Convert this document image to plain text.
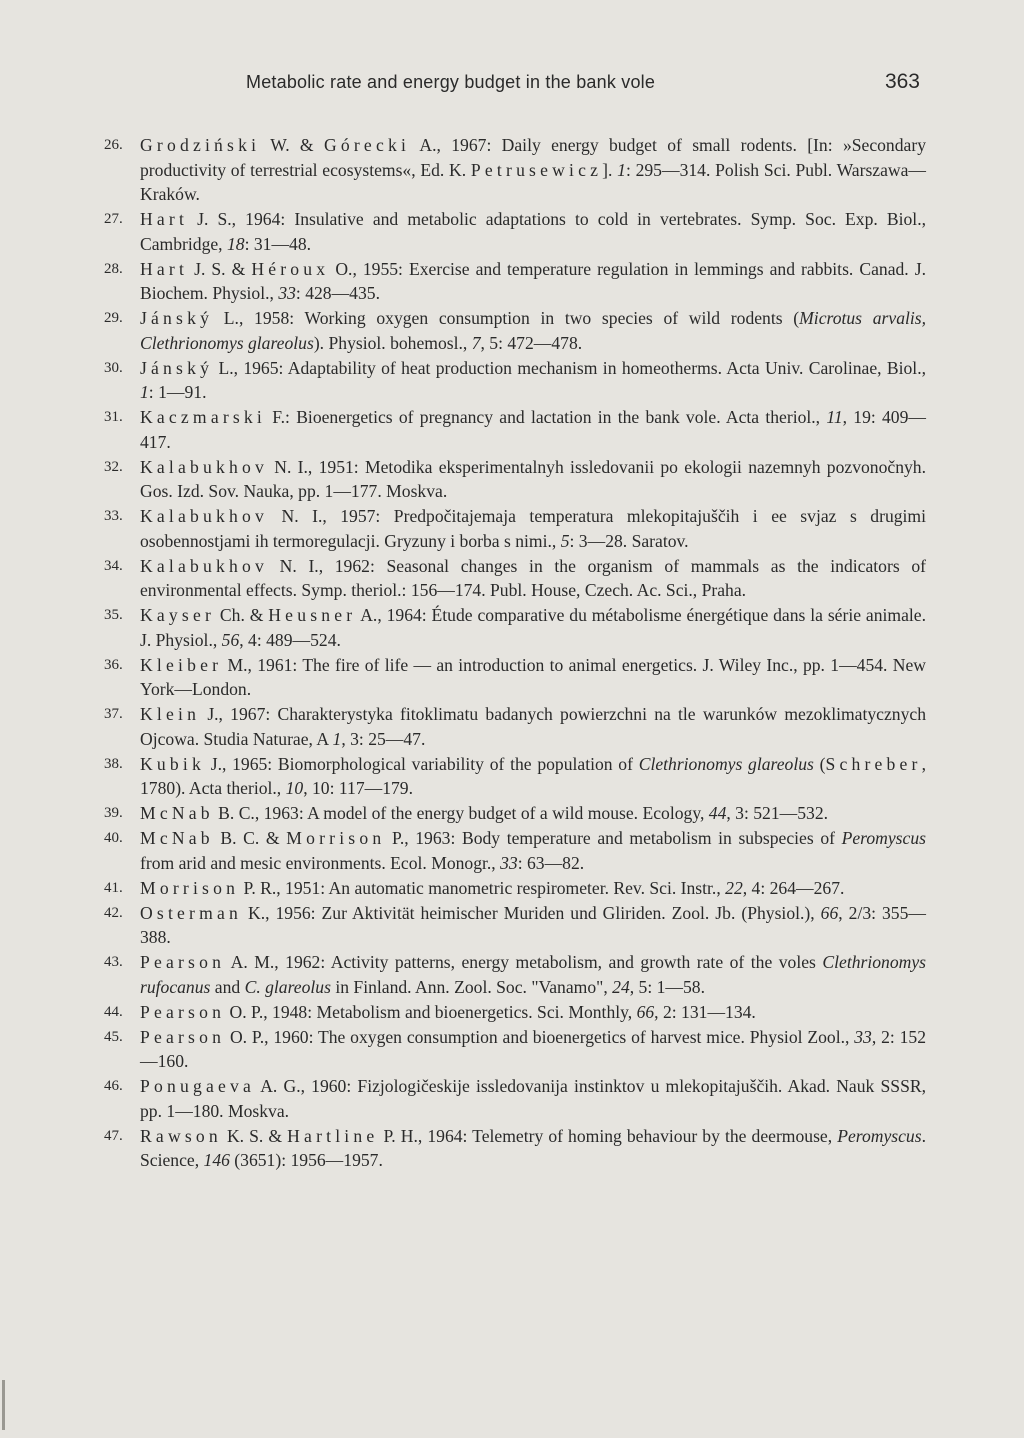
Metabolic rate and energy budget in the bank vole	363
26. Grodziński W. & Górecki A., 1967: Daily energy budget of small rodents. [In: »Secondary productivity of terrestrial ecosystems«, Ed. K. Petrusewicz]. 1: 295—314. Polish Sci. Publ. Warszawa—Kraków.
27. Hart J. S., 1964: Insulative and metabolic adaptations to cold in vertebrates. Symp. Soc. Exp. Biol., Cambridge, 18: 31—48.
28. Hart J. S. & Héroux O., 1955: Exercise and temperature regulation in lemmings and rabbits. Canad. J. Biochem. Physiol., 33: 428—435.
29. Jánský L., 1958: Working oxygen consumption in two species of wild rodents (Microtus arvalis, Clethrionomys glareolus). Physiol. bohemosl., 7, 5: 472—478.
30. Jánský L., 1965: Adaptability of heat production mechanism in homeotherms. Acta Univ. Carolinae, Biol., 1: 1—91.
31. Kaczmarski F.: Bioenergetics of pregnancy and lactation in the bank vole. Acta theriol., 11, 19: 409—417.
32. Kalabukhov N. I., 1951: Metodika eksperimentalnyh issledovanii po ekologii nazemnyh pozvonočnyh. Gos. Izd. Sov. Nauka, pp. 1—177. Moskva.
33. Kalabukhov N. I., 1957: Predpočitajemaja temperatura mlekopitajuščih i ee svjaz s drugimi osobennostjami ih termoregulacji. Gryzuny i borba s nimi., 5: 3—28. Saratov.
34. Kalabukhov N. I., 1962: Seasonal changes in the organism of mammals as the indicators of environmental effects. Symp. theriol.: 156—174. Publ. House, Czech. Ac. Sci., Praha.
35. Kayser Ch. & Heusner A., 1964: Étude comparative du métabolisme énergétique dans la série animale. J. Physiol., 56, 4: 489—524.
36. Kleiber M., 1961: The fire of life — an introduction to animal energetics. J. Wiley Inc., pp. 1—454. New York—London.
37. Klein J., 1967: Charakterystyka fitoklimatu badanych powierzchni na tle warunków mezoklimatycznych Ojcowa. Studia Naturae, A 1, 3: 25—47.
38. Kubik J., 1965: Biomorphological variability of the population of Clethrionomys glareolus (Schreber, 1780). Acta theriol., 10, 10: 117—179.
39. McNab B. C., 1963: A model of the energy budget of a wild mouse. Ecology, 44, 3: 521—532.
40. McNab B. C. & Morrison P., 1963: Body temperature and metabolism in subspecies of Peromyscus from arid and mesic environments. Ecol. Monogr., 33: 63—82.
41. Morrison P. R., 1951: An automatic manometric respirometer. Rev. Sci. Instr., 22, 4: 264—267.
42. Osterman K., 1956: Zur Aktivität heimischer Muriden und Gliriden. Zool. Jb. (Physiol.), 66, 2/3: 355—388.
43. Pearson A. M., 1962: Activity patterns, energy metabolism, and growth rate of the voles Clethrionomys rufocanus and C. glareolus in Finland. Ann. Zool. Soc. "Vanamo", 24, 5: 1—58.
44. Pearson O. P., 1948: Metabolism and bioenergetics. Sci. Monthly, 66, 2: 131—134.
45. Pearson O. P., 1960: The oxygen consumption and bioenergetics of harvest mice. Physiol Zool., 33, 2: 152—160.
46. Ponugaeva A. G., 1960: Fizjologičeskije issledovanija instinktov u mlekopitajuščih. Akad. Nauk SSSR, pp. 1—180. Moskva.
47. Rawson K. S. & Hartline P. H., 1964: Telemetry of homing behaviour by the deermouse, Peromyscus. Science, 146 (3651): 1956—1957.
